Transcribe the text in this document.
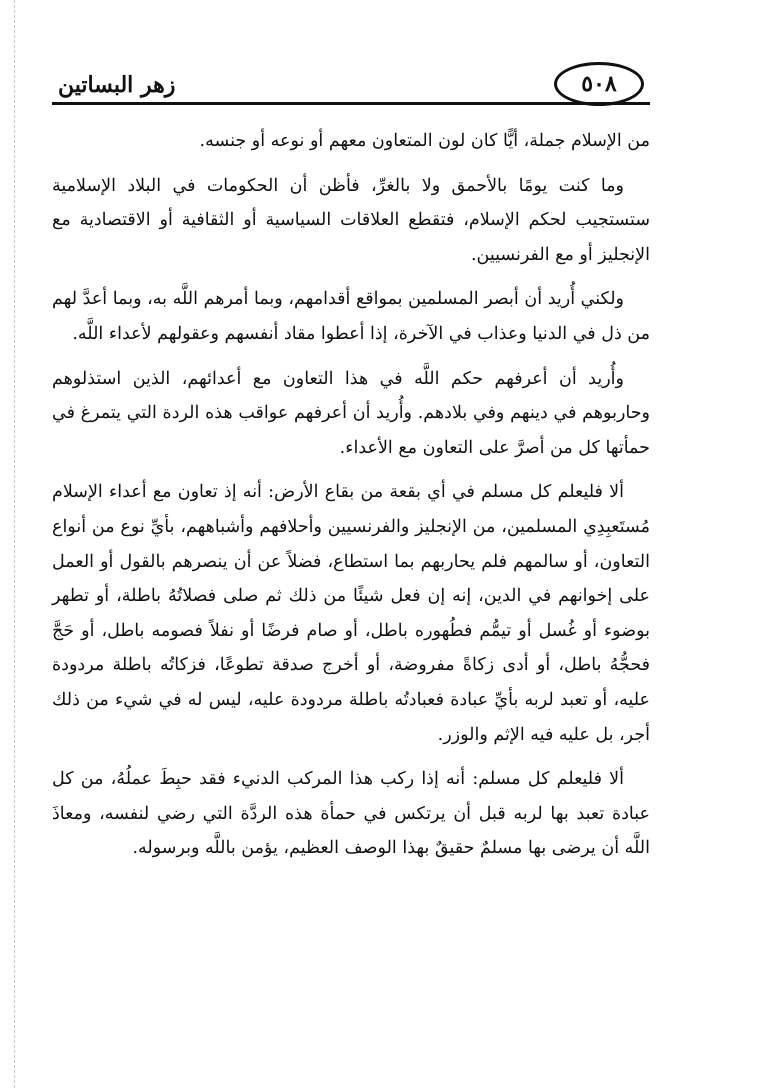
زهر البساتين	٥٠٨

من الإسلام جملة، أيًّا كان لون المتعاون معهم أو نوعه أو جنسه.

وما كنت يومًا بالأحمق ولا بالغرِّ، فأظن أن الحكومات في البلاد الإسلامية ستستجيب لحكم الإسلام، فتقطع العلاقات السياسية أو الثقافية أو الاقتصادية مع الإنجليز أو مع الفرنسيين.

ولكني أُريد أن أبصر المسلمين بمواقع أقدامهم، وبما أمرهم اللَّه به، وبما أعدَّ لهم من ذل في الدنيا وعذاب في الآخرة، إذا أعطوا مقاد أنفسهم وعقولهم لأعداء اللَّه.

وأُريد أن أعرفهم حكم اللَّه في هذا التعاون مع أعدائهم، الذين استذلوهم وحاربوهم في دينهم وفي بلادهم. وأُريد أن أعرفهم عواقب هذه الردة التي يتمرغ في حمأتها كل من أصرَّ على التعاون مع الأعداء.

ألا فليعلم كل مسلم في أي بقعة من بقاع الأرض: أنه إذ تعاون مع أعداء الإسلام مُستَعبِدِي المسلمين، من الإنجليز والفرنسيين وأحلافهم وأشباههم، بأيِّ نوع من أنواع التعاون، أو سالمهم فلم يحاربهم بما استطاع، فضلاً عن أن ينصرهم بالقول أو العمل على إخوانهم في الدين، إنه إن فعل شيئًا من ذلك ثم صلى فصلاتُهُ باطلة، أو تطهر بوضوء أو غُسل أو تيمُّم فطُهوره باطل، أو صام فرضًا أو نفلاً فصومه باطل، أو حَجَّ فحجُّهُ باطل، أو أدى زكاةً مفروضة، أو أخرج صدقة تطوعًا، فزكاتُه باطلة مردودة عليه، أو تعبد لربه بأيِّ عبادة فعبادتُه باطلة مردودة عليه، ليس له في شيء من ذلك أجر، بل عليه فيه الإثم والوزر.

ألا فليعلم كل مسلم: أنه إذا ركب هذا المركب الدنيء فقد حبِطَ عملُهُ، من كل عبادة تعبد بها لربه قبل أن يرتكس في حمأة هذه الردَّة التي رضي لنفسه، ومعاذَ اللَّه أن يرضى بها مسلمٌ حقيقٌ بهذا الوصف العظيم، يؤمن باللَّه وبرسوله.
